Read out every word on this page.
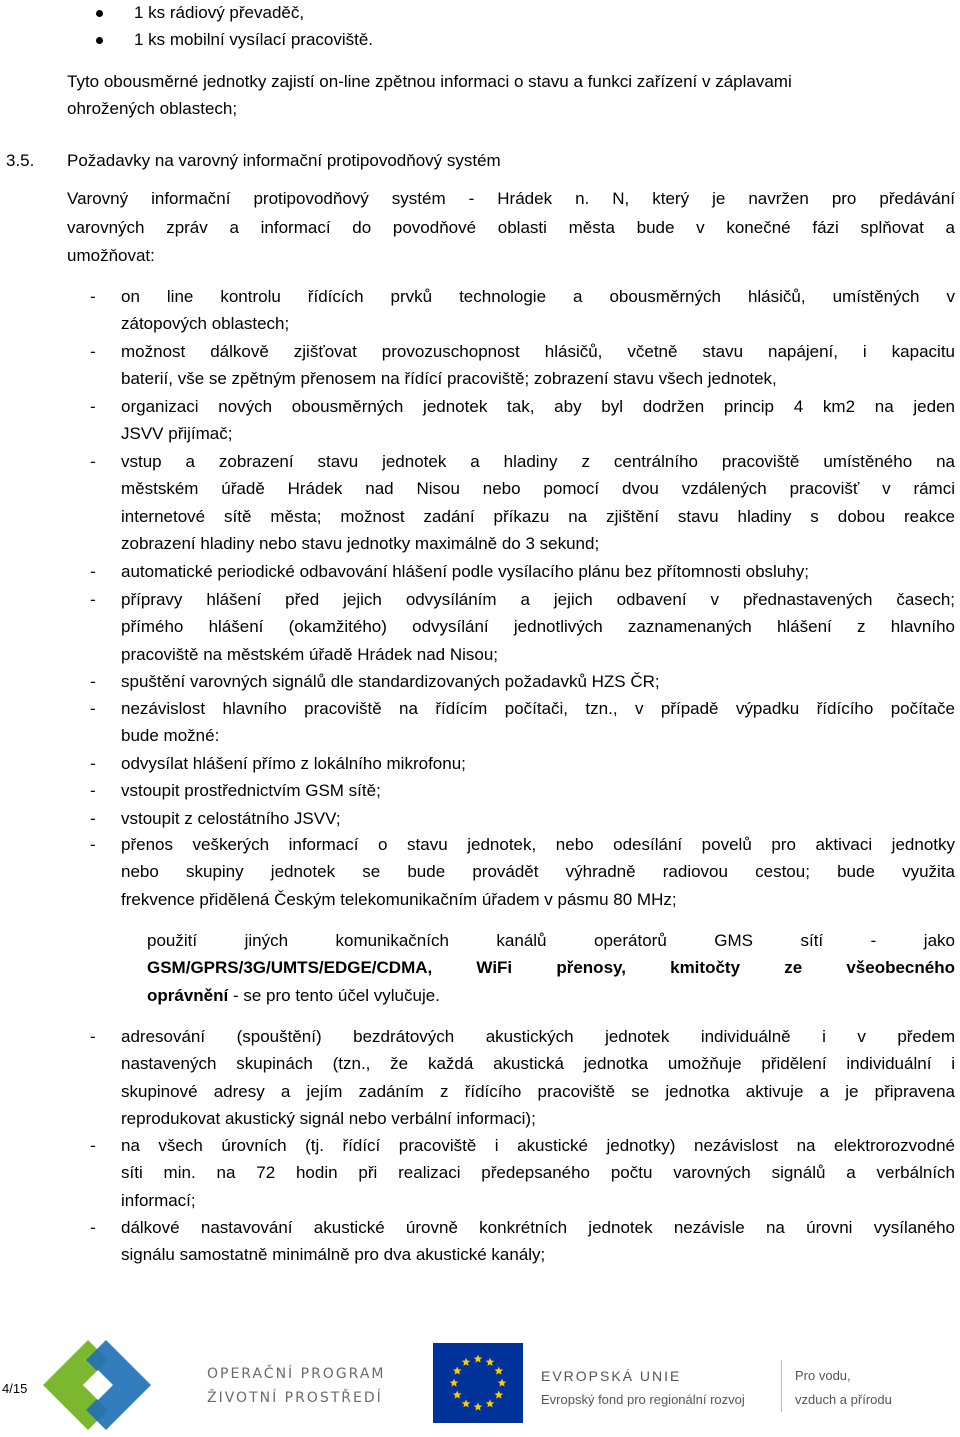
1 ks rádiový převaděč,
1 ks mobilní vysílací pracoviště.
Tyto obousměrné jednotky zajistí on-line zpětnou informaci o stavu a funkci zařízení v záplavami
ohrožených oblastech;
3.5. Požadavky na varovný informační protipovodňový systém
Varovný informační protipovodňový systém - Hrádek n. N, který je navržen pro předávání
varovných zpráv a informací do povodňové oblasti města bude v konečné fázi splňovat a
umožňovat:
- on line kontrolu řídících prvků technologie a obousměrných hlásičů, umístěných v
zátopových oblastech;
- možnost dálkově zjišťovat provozuschopnost hlásičů, včetně stavu napájení, i kapacitu
baterií, vše se zpětným přenosem na řídící pracoviště; zobrazení stavu všech jednotek,
- organizaci nových obousměrných jednotek tak, aby byl dodržen princip 4 km2 na jeden
JSVV přijímač;
- vstup a zobrazení stavu jednotek a hladiny z centrálního pracoviště umístěného na
městském úřadě Hrádek nad Nisou nebo pomocí dvou vzdálených pracovišť v rámci
internetové sítě města; možnost zadání příkazu na zjištění stavu hladiny s dobou reakce
zobrazení hladiny nebo stavu jednotky maximálně do 3 sekund;
- automatické periodické odbavování hlášení podle vysílacího plánu bez přítomnosti obsluhy;
- přípravy hlášení před jejich odvysíláním a jejich odbavení v přednastavených časech;
přímého hlášení (okamžitého) odvysílání jednotlivých zaznamenaných hlášení z hlavního
pracoviště na městském úřadě Hrádek nad Nisou;
- spuštění varovných signálů dle standardizovaných požadavků HZS ČR;
- nezávislost hlavního pracoviště na řídícím počítači, tzn., v případě výpadku řídícího počítače
bude možné:
- odvysílat hlášení přímo z lokálního mikrofonu;
- vstoupit prostřednictvím GSM sítě;
- vstoupit z celostátního JSVV;
- přenos veškerých informací o stavu jednotek, nebo odesílání povelů pro aktivaci jednotky
nebo skupiny jednotek se bude provádět výhradně radiovou cestou; bude využita
frekvence přidělená Českým telekomunikačním úřadem v pásmu 80 MHz;
použití jiných komunikačních kanálů operátorů GMS sítí - jako
GSM/GPRS/3G/UMTS/EDGE/CDMA, WiFi přenosy, kmitočty ze všeobecného
oprávnění - se pro tento účel vylučuje.
- adresování (spouštění) bezdrátových akustických jednotek individuálně i v předem
nastavených skupinách (tzn., že každá akustická jednotka umožňuje přidělení individuální i
skupinové adresy a jejím zadáním z řídícího pracoviště se jednotka aktivuje a je připravena
reprodukovat akustický signál nebo verbální informaci);
- na všech úrovních (tj. řídící pracoviště i akustické jednotky) nezávislost na elektrorozvodné
síti min. na 72 hodin při realizaci předepsaného počtu varovných signálů a verbálních
informací;
- dálkové nastavování akustické úrovně konkrétních jednotek nezávisle na úrovni vysílaného
signálu samostatně minimálně pro dva akustické kanály;
4/15
OPERAČNÍ PROGRAM
ŽIVOTNÍ PROSTŘEDÍ
EVROPSKÁ UNIE
Evropský fond pro regionální rozvoj
Pro vodu,
vzduch a přírodu
